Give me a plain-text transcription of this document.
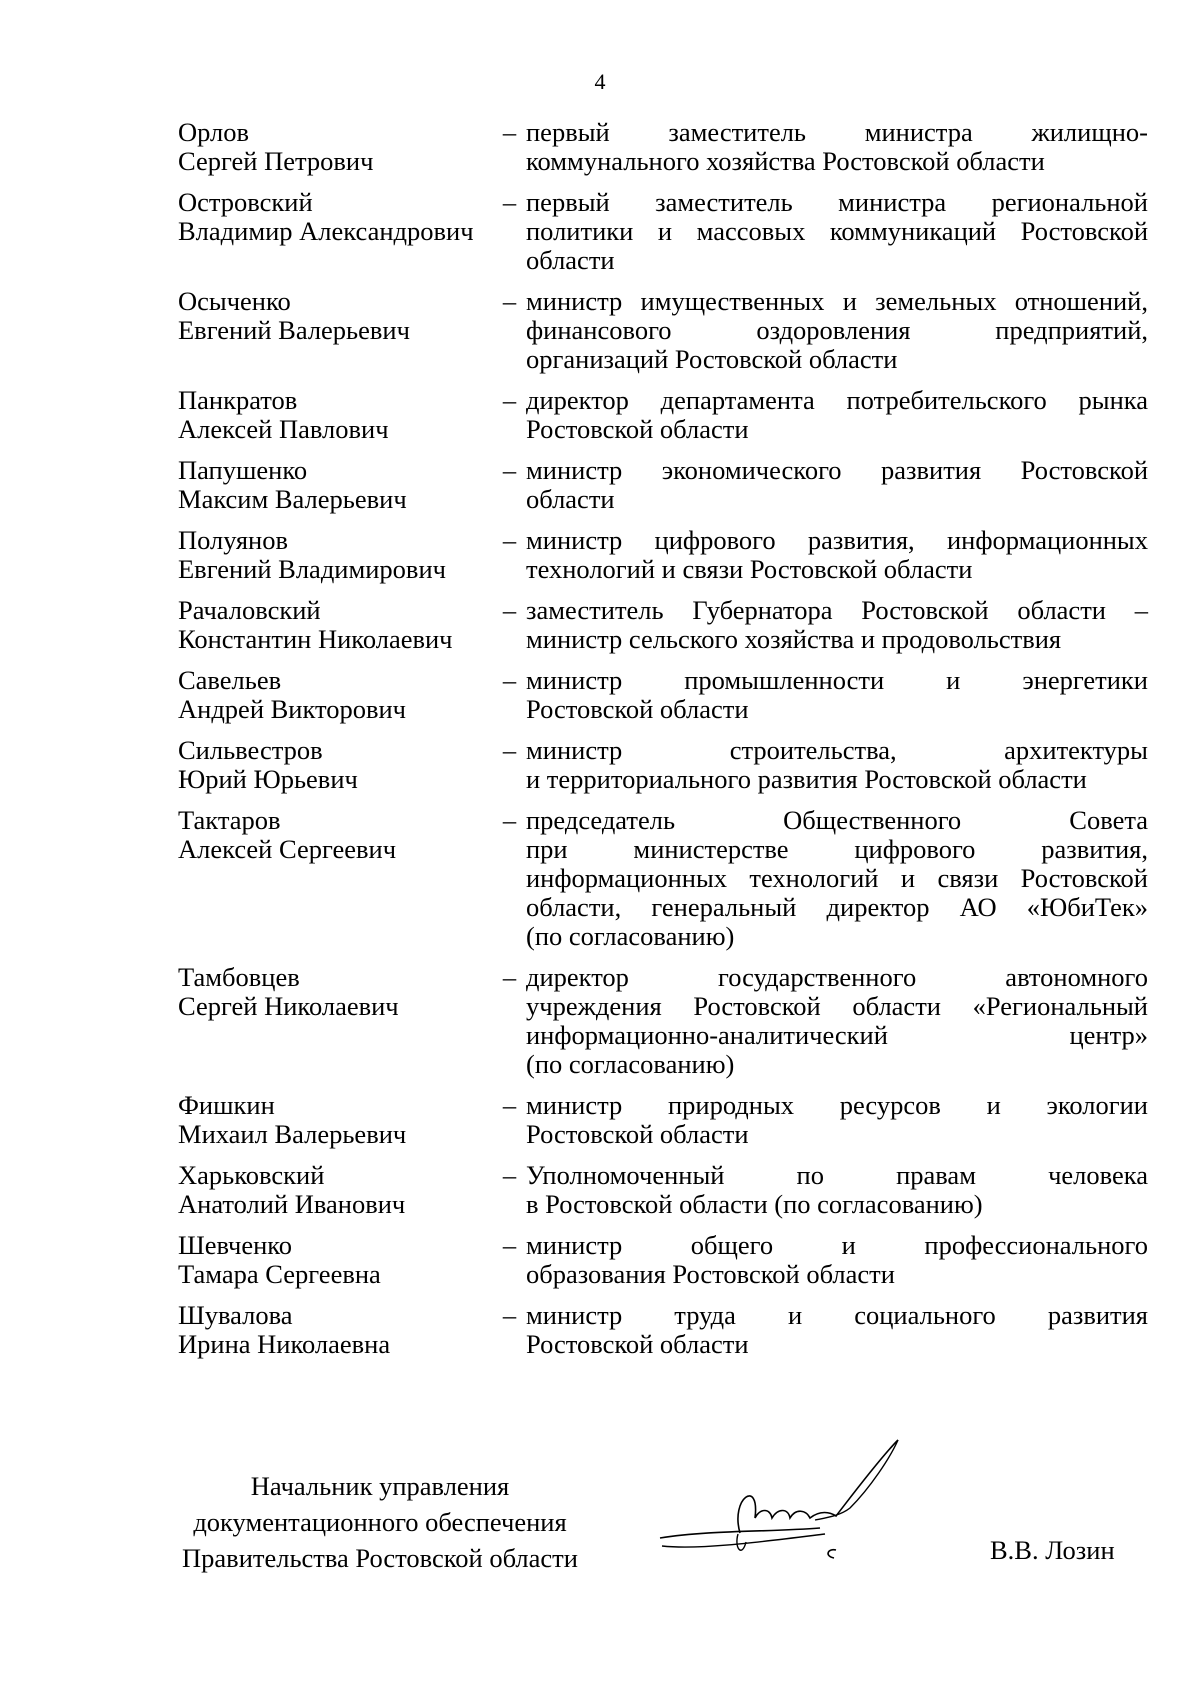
4
Орлов
Сергей Петрович
– первый заместитель министра жилищно-
коммунального хозяйства Ростовской области
Островский
Владимир Александрович
– первый заместитель министра региональной
политики и массовых коммуникаций Ростовской
области
Осыченко
Евгений Валерьевич
– министр имущественных и земельных отношений,
финансового оздоровления предприятий,
организаций Ростовской области
Панкратов
Алексей Павлович
– директор департамента потребительского рынка
Ростовской области
Папушенко
Максим Валерьевич
– министр экономического развития Ростовской
области
Полуянов
Евгений Владимирович
– министр цифрового развития, информационных
технологий и связи Ростовской области
Рачаловский
Константин Николаевич
– заместитель Губернатора Ростовской области –
министр сельского хозяйства и продовольствия
Савельев
Андрей Викторович
– министр промышленности и энергетики
Ростовской области
Сильвестров
Юрий Юрьевич
– министр строительства, архитектуры
и территориального развития Ростовской области
Тактаров
Алексей Сергеевич
– председатель Общественного Совета
при министерстве цифрового развития,
информационных технологий и связи Ростовской
области, генеральный директор АО «ЮбиТек»
(по согласованию)
Тамбовцев
Сергей Николаевич
– директор государственного автономного
учреждения Ростовской области «Региональный
информационно-аналитический центр»
(по согласованию)
Фишкин
Михаил Валерьевич
– министр природных ресурсов и экологии
Ростовской области
Харьковский
Анатолий Иванович
– Уполномоченный по правам человека
в Ростовской области (по согласованию)
Шевченко
Тамара Сергеевна
– министр общего и профессионального
образования Ростовской области
Шувалова
Ирина Николаевна
– министр труда и социального развития
Ростовской области
Начальник управления
документационного обеспечения
Правительства Ростовской области	В.В. Лозин
